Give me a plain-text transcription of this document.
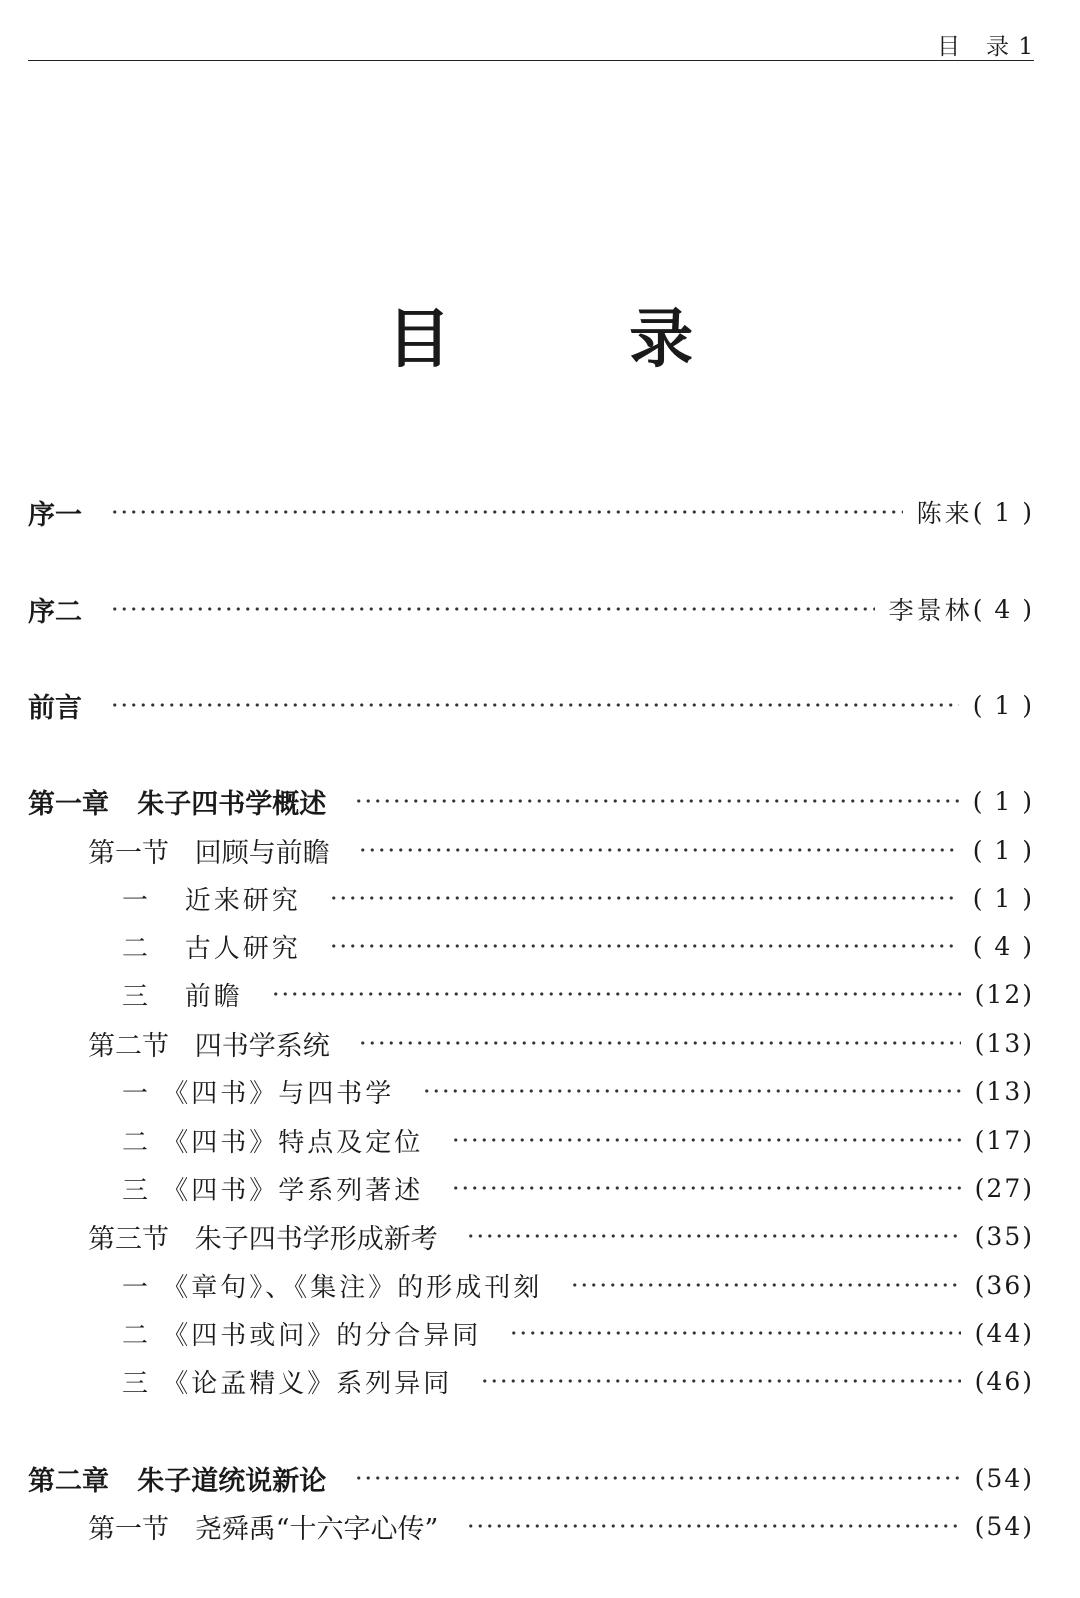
目   录 1
目        录
序一	陈来 ( 1 )
序二	李景林 ( 4 )
前言	( 1 )
第一章   朱子四书学概述	( 1 )
第一节   回顾与前瞻	( 1 )
一   近来研究	( 1 )
二   古人研究	( 4 )
三   前瞻	(12)
第二节   四书学系统	(13)
一 《四书》与四书学	(13)
二 《四书》特点及定位	(17)
三 《四书》学系列著述	(27)
第三节   朱子四书学形成新考	(35)
一 《章句》、《集注》的形成刊刻	(36)
二 《四书或问》的分合异同	(44)
三 《论孟精义》系列异同	(46)
第二章   朱子道统说新论	(54)
第一节   尧舜禹“十六字心传”	(54)
